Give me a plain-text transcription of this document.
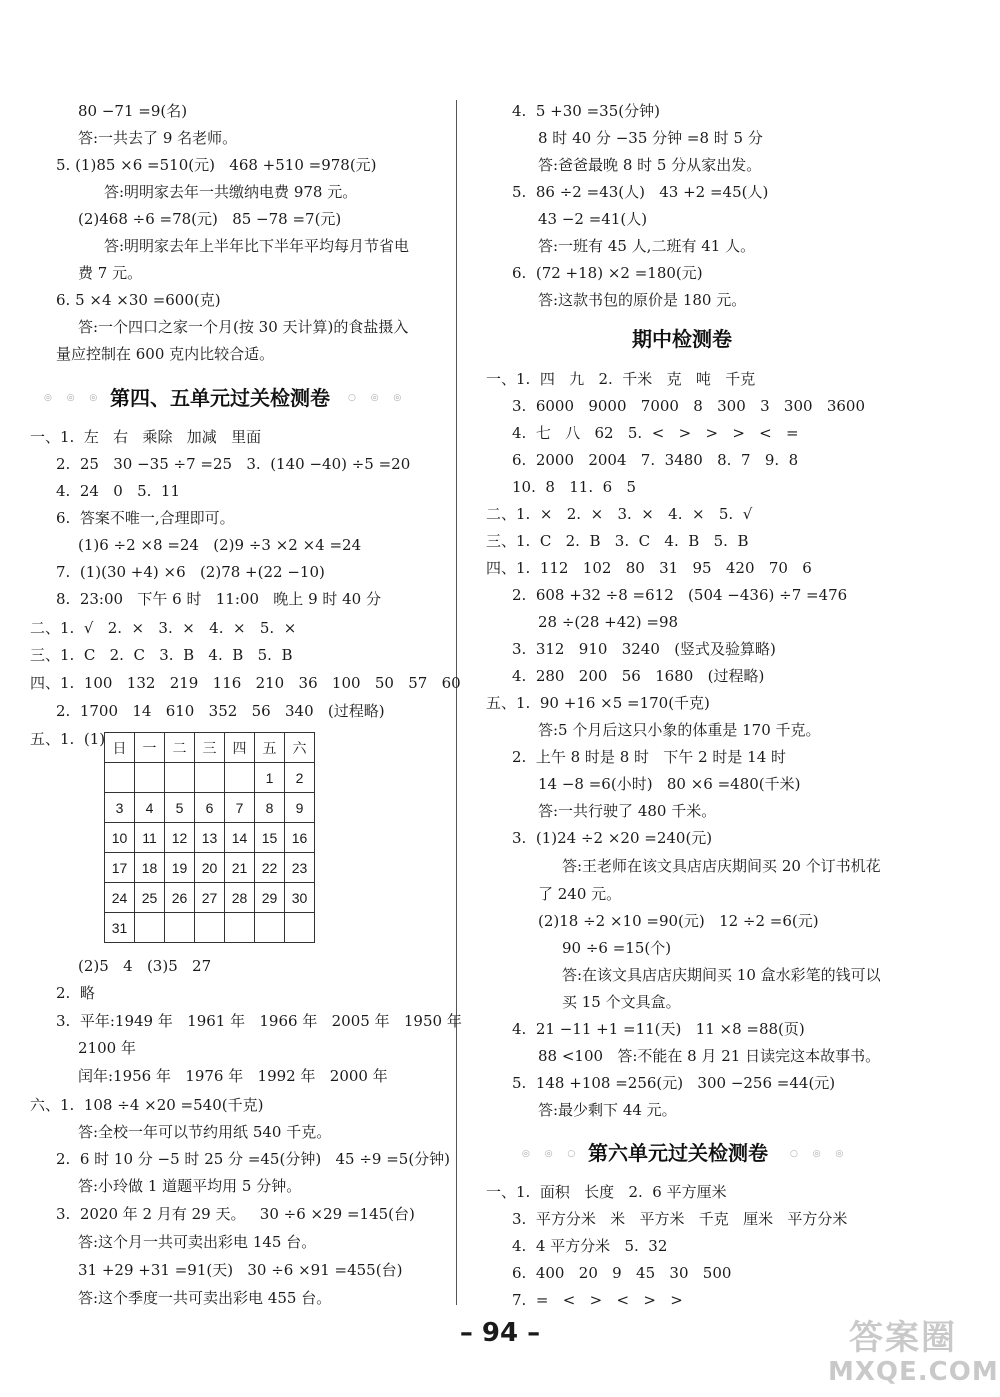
80 −71 =9(名)
答:一共去了 9 名老师。
5. (1)85 ×6 =510(元)   468 +510 =978(元)
答:明明家去年一共缴纳电费 978 元。
(2)468 ÷6 =78(元)   85 −78 =7(元)
答:明明家去年上半年比下半年平均每月节省电
费 7 元。
6. 5 ×4 ×30 =600(克)
答:一个四口之家一个月(按 30 天计算)的食盐摄入
量应控制在 600 克内比较合适。
◎ ◎ ◎ ○
第四、五单元过关检测卷 ○ ◎ ◎
一、1.  左   右   乘除   加减   里面
2.  25   30 −35 ÷7 =25   3.  (140 −40) ÷5 =20
4.  24   0   5.  11
6.  答案不唯一,合理即可。
(1)6 ÷2 ×8 =24   (2)9 ÷3 ×2 ×4 =24
7.  (1)(30 +4) ×6   (2)78 +(22 −10)
8.  23:00   下午 6 时   11:00   晚上 9 时 40 分
二、1.  √   2.  ×   3.  ×   4.  ×   5.  ×
三、1.  C   2.  C   3.  B   4.  B   5.  B
四、1.  100   132   219   116   210   36   100   50   57   60
2.  1700   14   610   352   56   340   (过程略)
五、1.  (1) 日	一	二	三	四	五	六
					1	2
3	4	5	6	7	8	9
10	11	12	13	14	15	16
17	18	19	20	21	22	23
24	25	26	27	28	29	30
31						
(2)5   4   (3)5   27
2.  略
3.  平年:1949 年   1961 年   1966 年   2005 年   1950 年
2100 年
闰年:1956 年   1976 年   1992 年   2000 年
六、1.  108 ÷4 ×20 =540(千克)
答:全校一年可以节约用纸 540 千克。
2.  6 时 10 分 −5 时 25 分 =45(分钟)   45 ÷9 =5(分钟)
答:小玲做 1 道题平均用 5 分钟。
3.  2020 年 2 月有 29 天。   30 ÷6 ×29 =145(台)
答:这个月一共可卖出彩电 145 台。
31 +29 +31 =91(天)   30 ÷6 ×91 =455(台)
答:这个季度一共可卖出彩电 455 台。
4.  5 +30 =35(分钟)
8 时 40 分 −35 分钟 =8 时 5 分
答:爸爸最晚 8 时 5 分从家出发。
5.  86 ÷2 =43(人)   43 +2 =45(人)
43 −2 =41(人)
答:一班有 45 人,二班有 41 人。
6.  (72 +18) ×2 =180(元)
答:这款书包的原价是 180 元。
期中检测卷
一、1.  四   九   2.  千米   克   吨   千克
3.  6000   9000   7000   8   300   3   300   3600
4.  七   八   62   5.  <   >   >   >   <   =
6.  2000   2004   7.  3480   8.  7   9.  8
10.  8   11.  6   5
二、1.  ×   2.  ×   3.  ×   4.  ×   5.  √
三、1.  C   2.  B   3.  C   4.  B   5.  B
四、1.  112   102   80   31   95   420   70   6
2.  608 +32 ÷8 =612   (504 −436) ÷7 =476
28 ÷(28 +42) =98
3.  312   910   3240   (竖式及验算略)
4.  280   200   56   1680   (过程略)
五、1.  90 +16 ×5 =170(千克)
答:5 个月后这只小象的体重是 170 千克。
2.  上午 8 时是 8 时   下午 2 时是 14 时
14 −8 =6(小时)   80 ×6 =480(千米)
答:一共行驶了 480 千米。
3.  (1)24 ÷2 ×20 =240(元)
答:王老师在该文具店店庆期间买 20 个订书机花
了 240 元。
(2)18 ÷2 ×10 =90(元)   12 ÷2 =6(元)
90 ÷6 =15(个)
答:在该文具店店庆期间买 10 盒水彩笔的钱可以
买 15 个文具盒。
4.  21 −11 +1 =11(天)   11 ×8 =88(页)
88 <100   答:不能在 8 月 21 日读完这本故事书。
5.  148 +108 =256(元)   300 −256 =44(元)
答:最少剩下 44 元。
◎ ◎ ○ 第六单元过关检测卷 ○ ◎ ◎
一、1.  面积   长度   2.  6 平方厘米
3.  平方分米   米   平方米   千克   厘米   平方分米
4.  4 平方分米   5.  32
6.  400   20   9   45   30   500
7.  =   <   >   <   >   >
– 94 –	答案圈
MXQE.COM
